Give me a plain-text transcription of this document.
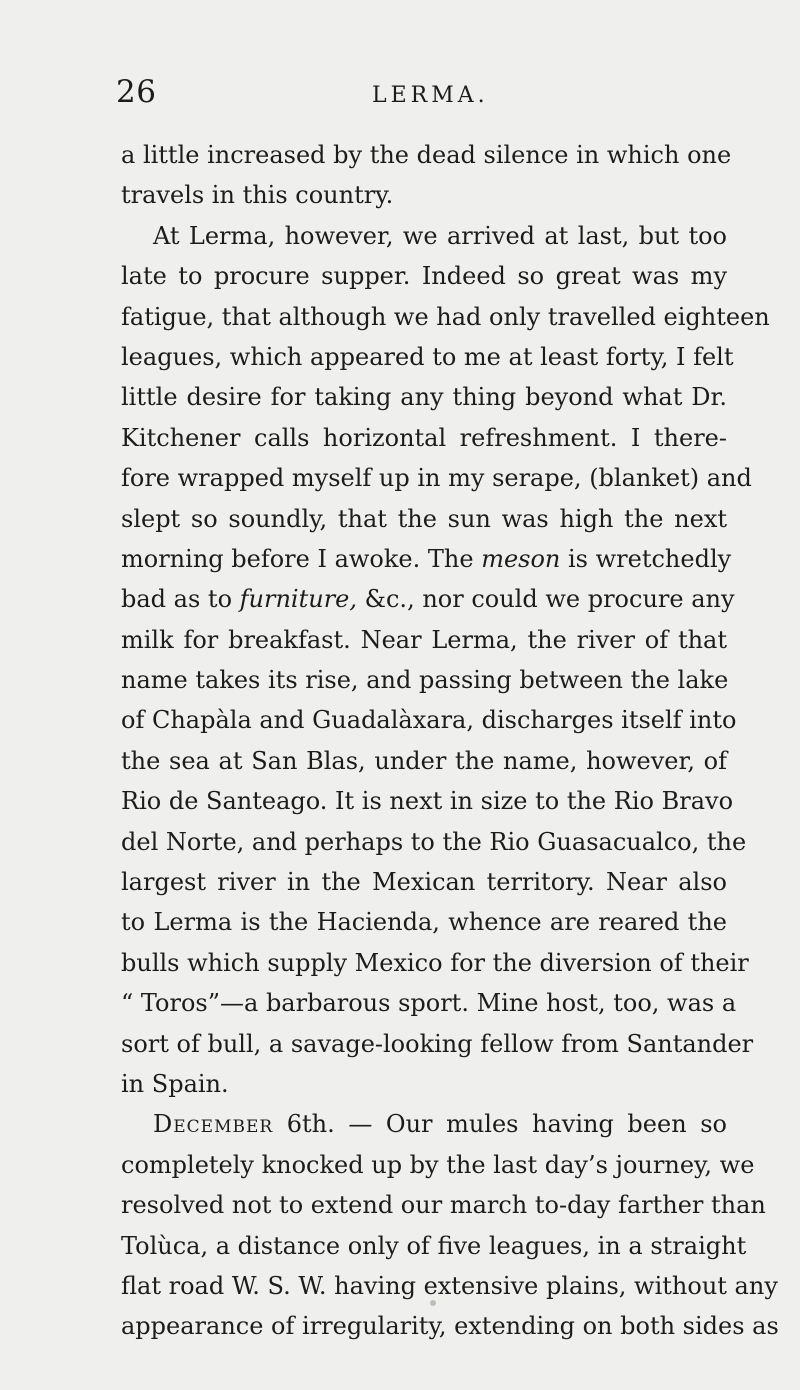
26	LERMA.
a little increased by the dead silence in which one
travels in this country.
At Lerma, however, we arrived at last, but too
late to procure supper. Indeed so great was my
fatigue, that although we had only travelled eighteen
leagues, which appeared to me at least forty, I felt
little desire for taking any thing beyond what Dr.
Kitchener calls horizontal refreshment. I there-
fore wrapped myself up in my serape, (blanket) and
slept so soundly, that the sun was high the next
morning before I awoke. The meson is wretchedly
bad as to furniture, &c., nor could we procure any
milk for breakfast. Near Lerma, the river of that
name takes its rise, and passing between the lake
of Chapàla and Guadalàxara, discharges itself into
the sea at San Blas, under the name, however, of
Rio de Santeago. It is next in size to the Rio Bravo
del Norte, and perhaps to the Rio Guasacualco, the
largest river in the Mexican territory. Near also
to Lerma is the Hacienda, whence are reared the
bulls which supply Mexico for the diversion of their
“ Toros”—a barbarous sport. Mine host, too, was a
sort of bull, a savage-looking fellow from Santander
in Spain.
December 6th. — Our mules having been so
completely knocked up by the last day’s journey, we
resolved not to extend our march to-day farther than
Tolùca, a distance only of five leagues, in a straight
flat road W. S. W. having extensive plains, without any
appearance of irregularity, extending on both sides as
